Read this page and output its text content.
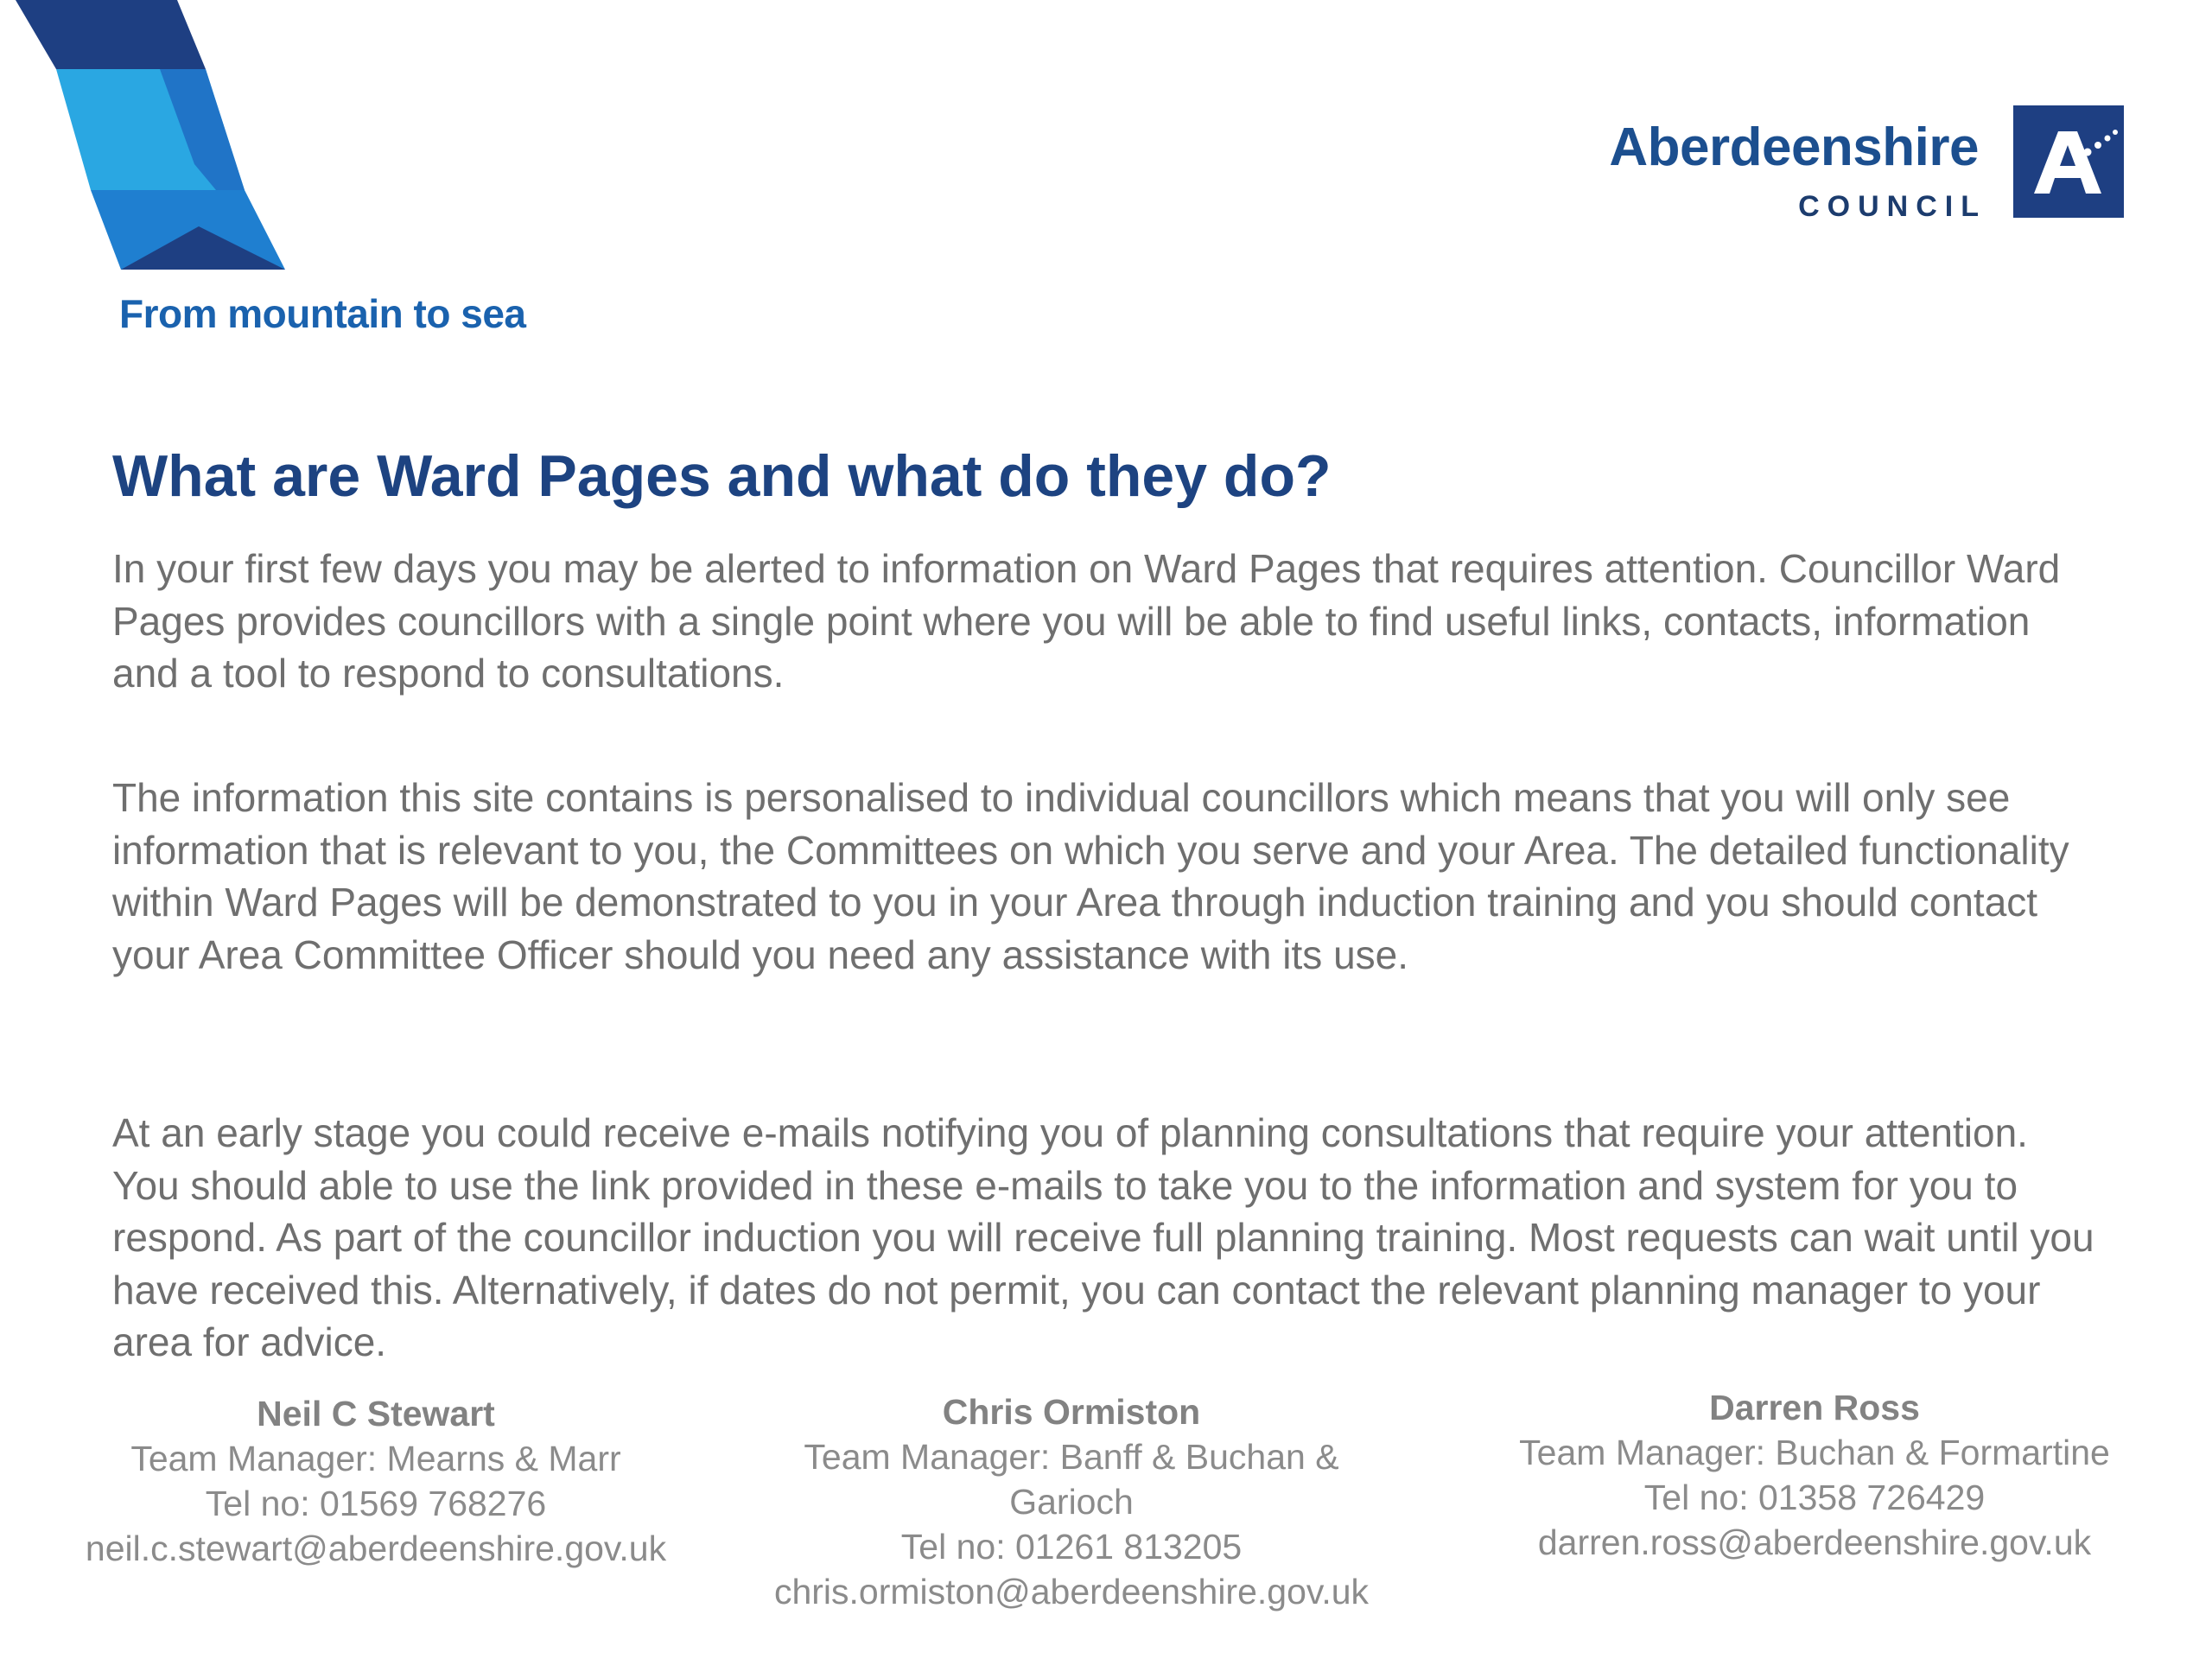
From mountain to sea
Aberdeenshire
COUNCIL
What are Ward Pages and what do they do?

In your first few days you may be alerted to information on Ward Pages that requires attention. Councillor Ward Pages provides councillors with a single point where you will be able to find useful links, contacts, information and a tool to respond to consultations.

The information this site contains is personalised to individual councillors which means that you will only see information that is relevant to you, the Committees on which you serve and your Area. The detailed functionality within Ward Pages will be demonstrated to you in your Area through induction training and you should contact your Area Committee Officer should you need any assistance with its use.

At an early stage you could receive e-mails notifying you of planning consultations that require your attention. You should able to use the link provided in these e-mails to take you to the information and system for you to respond. As part of the councillor induction you will receive full planning training. Most requests can wait until you have received this. Alternatively, if dates do not permit, you can contact the relevant planning manager to your area for advice.

Neil C Stewart
Team Manager: Mearns & Marr
Tel no: 01569 768276
neil.c.stewart@aberdeenshire.gov.uk
Chris Ormiston
Team Manager: Banff & Buchan & Garioch
Tel no: 01261 813205
chris.ormiston@aberdeenshire.gov.uk
Darren Ross
Team Manager: Buchan & Formartine
Tel no: 01358 726429
darren.ross@aberdeenshire.gov.uk
